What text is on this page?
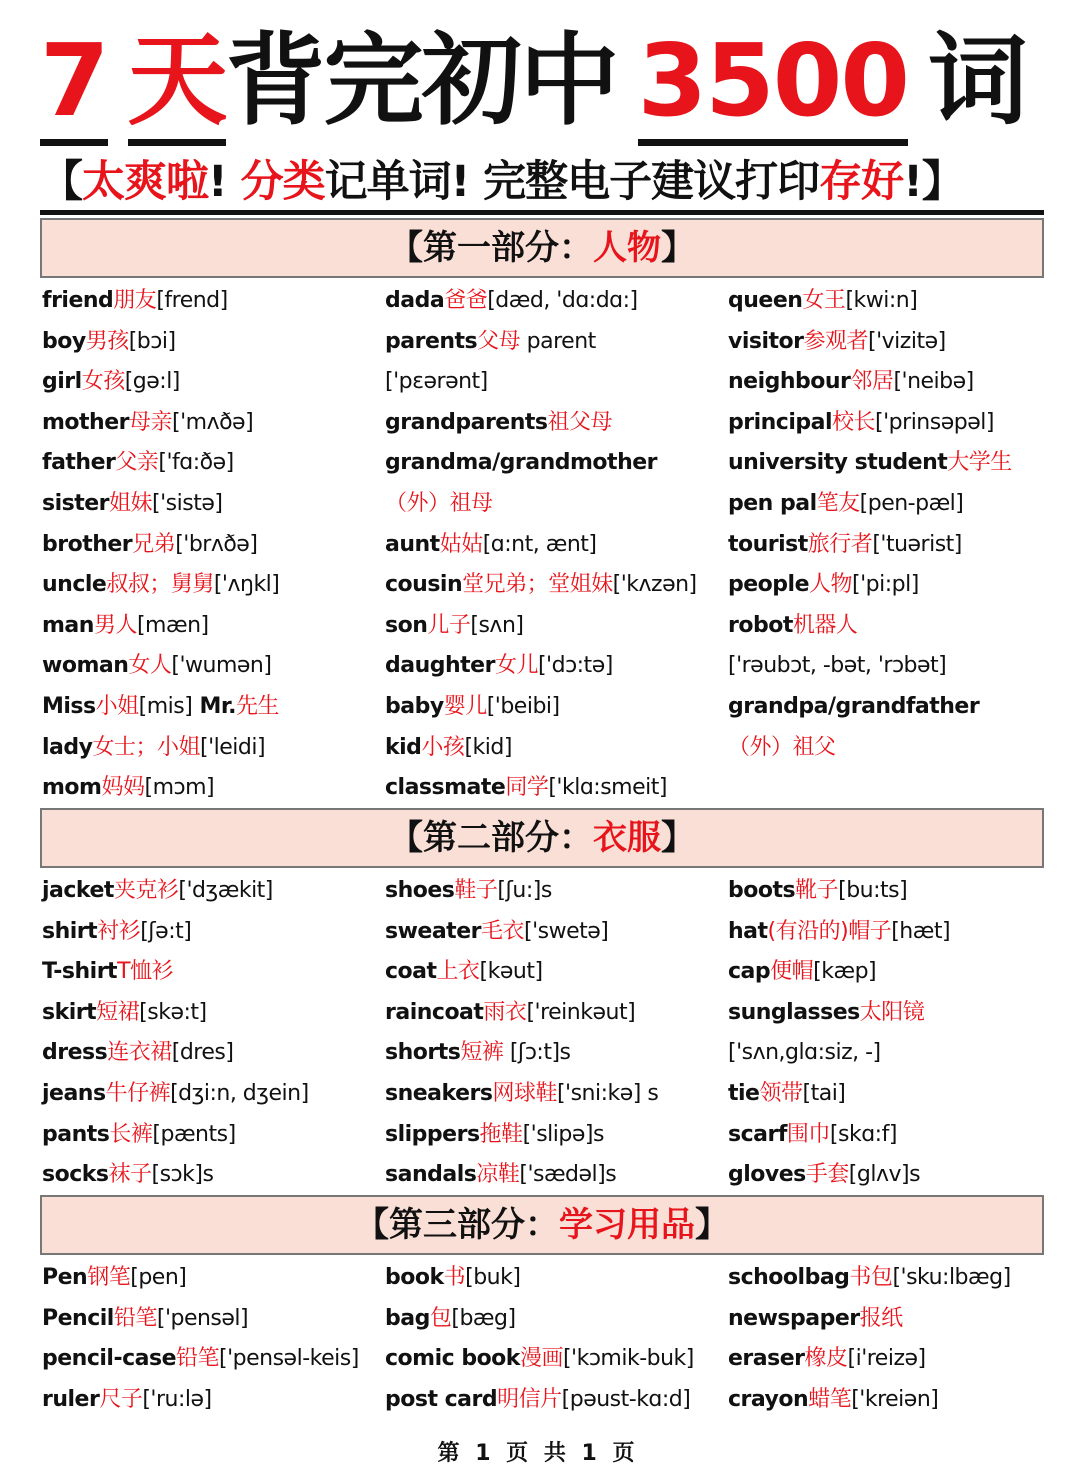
7 天背完初中 3500 词
【太爽啦! 分类记单词! 完整电子建议打印存好!】
【第一部分：人物】
friend朋友[frend]
boy男孩[bɔi]
girl女孩[gə:l]
mother母亲['mʌðə]
father父亲['fɑ:ðə]
sister姐妹['sistə]
brother兄弟['brʌðə]
uncle叔叔；舅舅['ʌŋkl]
man男人[mæn]
woman女人['wumən]
Miss小姐[mis] Mr.先生
lady女士；小姐['leidi]
mom妈妈[mɔm]
dada爸爸[dæd, 'dɑ:dɑ:]
parents父母 parent
['pɛərənt]
grandparents祖父母
grandma/grandmother
（外）祖母
aunt姑姑[ɑ:nt, ænt]
cousin堂兄弟；堂姐妹['kʌzən]
son儿子[sʌn]
daughter女儿['dɔ:tə]
baby婴儿['beibi]
kid小孩[kid]
classmate同学['klɑ:smeit]
queen女王[kwi:n]
visitor参观者['vizitə]
neighbour邻居['neibə]
principal校长['prinsəpəl]
university student大学生
pen pal笔友[pen-pæl]
tourist旅行者['tuərist]
people人物['pi:pl]
robot机器人
['rəubɔt, -bət, 'rɔbət]
grandpa/grandfather
（外）祖父
【第二部分：衣服】
jacket夹克衫['dʒækit]
shirt衬衫[ʃə:t]
T-shirtT恤衫
skirt短裙[skə:t]
dress连衣裙[dres]
jeans牛仔裤[dʒi:n, dʒein]
pants长裤[pænts]
socks袜子[sɔk]s
shoes鞋子[ʃu:]s
sweater毛衣['swetə]
coat上衣[kəut]
raincoat雨衣['reinkəut]
shorts短裤 [ʃɔ:t]s
sneakers网球鞋['sni:kə] s
slippers拖鞋['slipə]s
sandals凉鞋['sædəl]s
boots靴子[bu:ts]
hat(有沿的)帽子[hæt]
cap便帽[kæp]
sunglasses太阳镜
['sʌn,glɑ:siz, -]
tie领带[tai]
scarf围巾[skɑ:f]
gloves手套[glʌv]s
【第三部分：学习用品】
Pen钢笔[pen]
Pencil铅笔['pensəl]
pencil-case铅笔['pensəl-keis]
ruler尺子['ru:lə]
book书[buk]
bag包[bæg]
comic book漫画['kɔmik-buk]
post card明信片[pəust-kɑ:d]
schoolbag书包['sku:lbæg]
newspaper报纸
eraser橡皮[i'reizə]
crayon蜡笔['kreiən]
第 1 页 共 1 页
